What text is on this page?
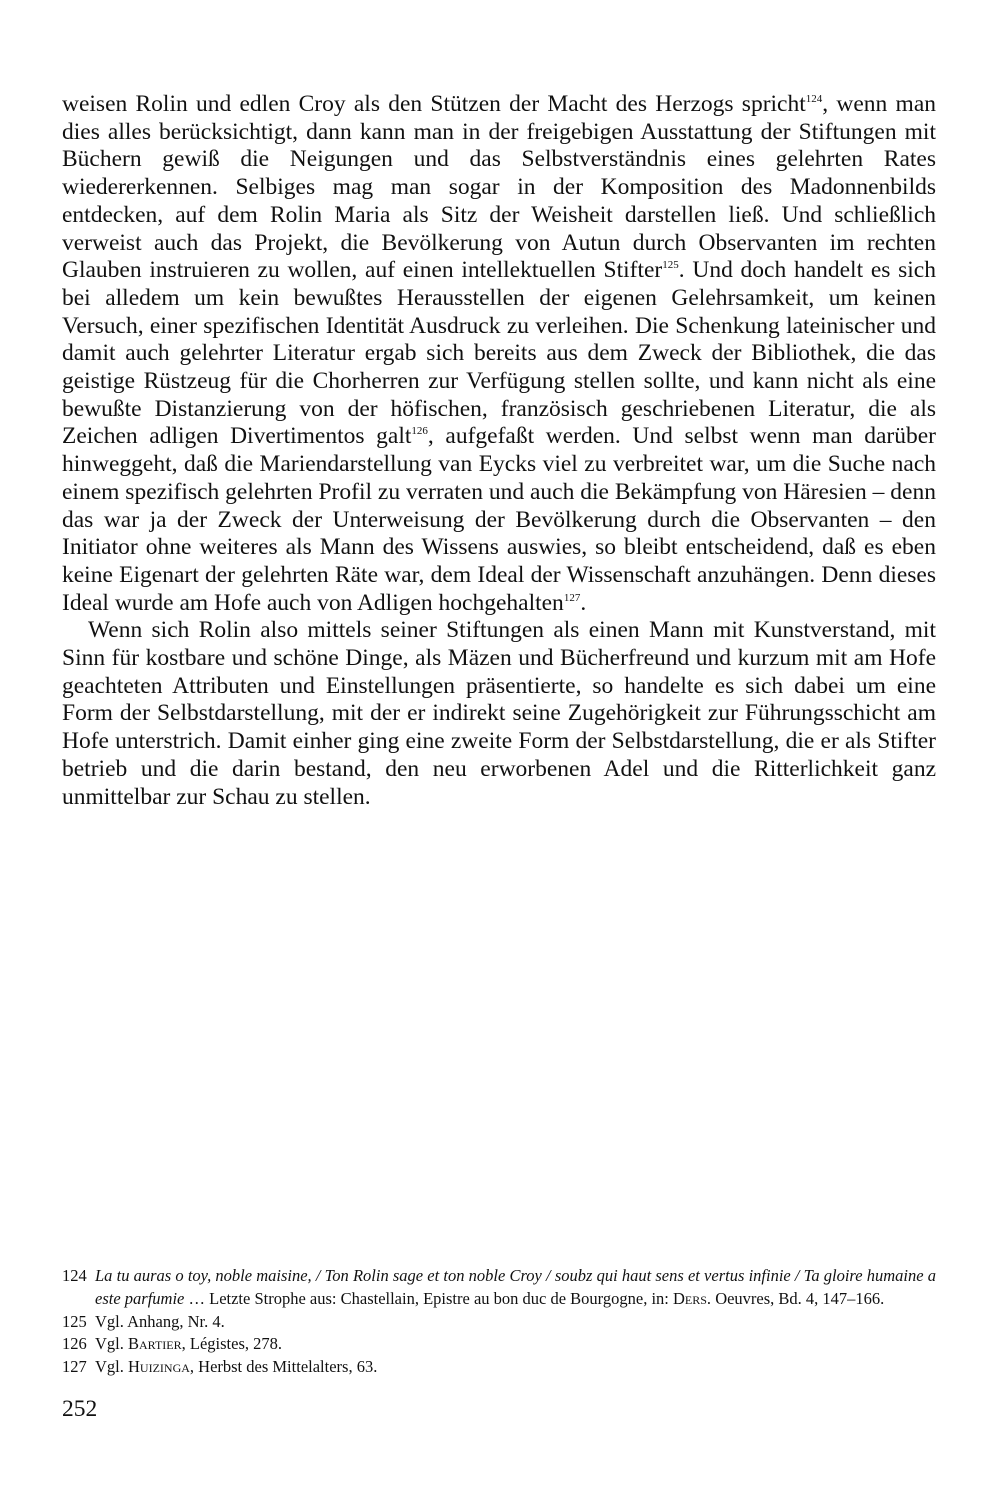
weisen Rolin und edlen Croy als den Stützen der Macht des Herzogs spricht$^{124}$, wenn man dies alles berücksichtigt, dann kann man in der freigebigen Ausstattung der Stiftungen mit Büchern gewiß die Neigungen und das Selbstverständnis eines gelehrten Rates wiedererkennen. Selbiges mag man sogar in der Komposition des Madonnenbilds entdecken, auf dem Rolin Maria als Sitz der Weisheit darstellen ließ. Und schließlich verweist auch das Projekt, die Bevölkerung von Autun durch Observanten im rechten Glauben instruieren zu wollen, auf einen intellektuellen Stifter$^{125}$. Und doch handelt es sich bei alledem um kein bewußtes Herausstellen der eigenen Gelehrsamkeit, um keinen Versuch, einer spezifischen Identität Ausdruck zu verleihen. Die Schenkung lateinischer und damit auch gelehrter Literatur ergab sich bereits aus dem Zweck der Bibliothek, die das geistige Rüstzeug für die Chorherren zur Verfügung stellen sollte, und kann nicht als eine bewußte Distanzierung von der höfischen, französisch geschriebenen Literatur, die als Zeichen adligen Divertimentos galt$^{126}$, aufgefaßt werden. Und selbst wenn man darüber hinweggeht, daß die Mariendarstellung van Eycks viel zu verbreitet war, um die Suche nach einem spezifisch gelehrten Profil zu verraten und auch die Bekämpfung von Häresien – denn das war ja der Zweck der Unterweisung der Bevölkerung durch die Observanten – den Initiator ohne weiteres als Mann des Wissens auswies, so bleibt entscheidend, daß es eben keine Eigenart der gelehrten Räte war, dem Ideal der Wissenschaft anzuhängen. Denn dieses Ideal wurde am Hofe auch von Adligen hochgehalten$^{127}$.

Wenn sich Rolin also mittels seiner Stiftungen als einen Mann mit Kunstverstand, mit Sinn für kostbare und schöne Dinge, als Mäzen und Bücherfreund und kurzum mit am Hofe geachteten Attributen und Einstellungen präsentierte, so handelte es sich dabei um eine Form der Selbstdarstellung, mit der er indirekt seine Zugehörigkeit zur Führungsschicht am Hofe unterstrich. Damit einher ging eine zweite Form der Selbstdarstellung, die er als Stifter betrieb und die darin bestand, den neu erworbenen Adel und die Ritterlichkeit ganz unmittelbar zur Schau zu stellen.

124 La tu auras o toy, noble maisine, / Ton Rolin sage et ton noble Croy / soubz qui haut sens et vertus infinie / Ta gloire humaine a este parfumie … Letzte Strophe aus: Chastellain, Epistre au bon duc de Bourgogne, in: Ders. Oeuvres, Bd. 4, 147–166.
125 Vgl. Anhang, Nr. 4.
126 Vgl. Bartier, Légistes, 278.
127 Vgl. Huizinga, Herbst des Mittelalters, 63.
252
